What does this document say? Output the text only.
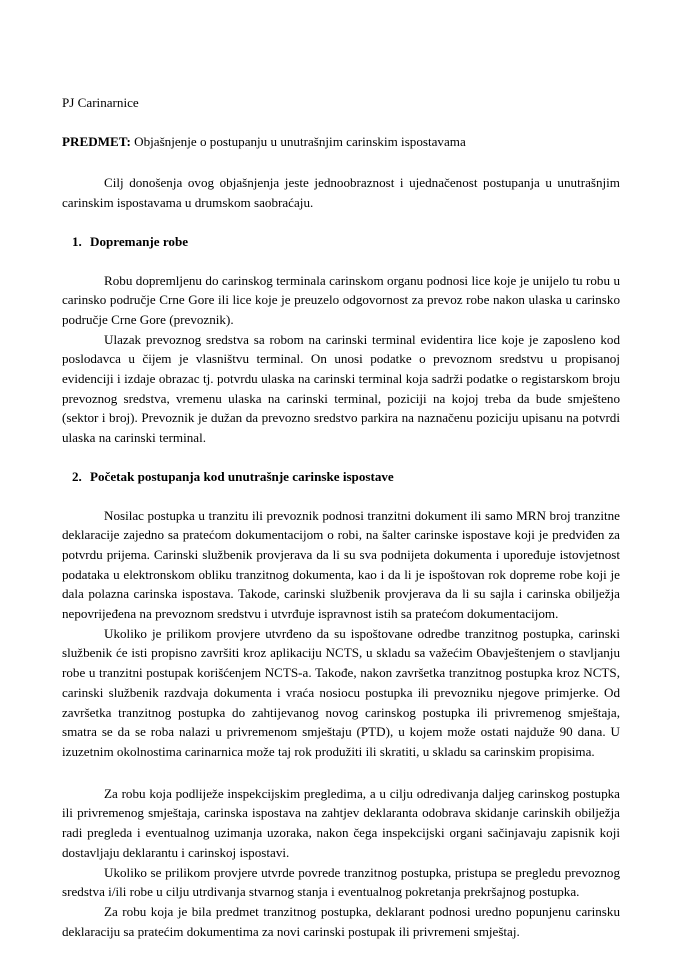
PJ Carinarnice
PREDMET: Objašnjenje o postupanju u unutrašnjim carinskim ispostavama

Cilj donošenja ovog objašnjenja jeste jednoobraznost i ujednačenost postupanja u unutrašnjim carinskim ispostavama u drumskom saobraćaju.

1. Dopremanje robe

Robu dopremljenu do carinskog terminala carinskom organu podnosi lice koje je unijelo tu robu u carinsko područje Crne Gore ili lice koje je preuzelo odgovornost za prevoz robe nakon ulaska u carinsko područje Crne Gore (prevoznik).

Ulazak prevoznog sredstva sa robom na carinski terminal evidentira lice koje je zaposleno kod poslodavca u čijem je vlasništvu terminal. On unosi podatke o prevoznom sredstvu u propisanoj evidenciji i izdaje obrazac tj. potvrdu ulaska na carinski terminal koja sadrži podatke o registarskom broju prevoznog sredstva, vremenu ulaska na carinski terminal, poziciji na kojoj treba da bude smješteno (sektor i broj). Prevoznik je dužan da prevozno sredstvo parkira na naznačenu poziciju upisanu na potvrdi ulaska na carinski terminal.

2. Početak postupanja kod unutrašnje carinske ispostave

Nosilac postupka u tranzitu ili prevoznik podnosi tranzitni dokument ili samo MRN broj tranzitne deklaracije zajedno sa pratećom dokumentacijom o robi, na šalter carinske ispostave koji je predviđen za potvrdu prijema. Carinski službenik provjerava da li su sva podnijeta dokumenta i upoređuje istovjetnost podataka u elektronskom obliku tranzitnog dokumenta, kao i da li je ispoštovan rok dopreme robe koji je dala polazna carinska ispostava. Takode, carinski službenik provjerava da li su sajla i carinska obilježja nepovrijeđena na prevoznom sredstvu i utvrđuje ispravnost istih sa pratećom dokumentacijom.

Ukoliko je prilikom provjere utvrđeno da su ispoštovane odredbe tranzitnog postupka, carinski službenik će isti propisno završiti kroz aplikaciju NCTS, u skladu sa važećim Obavještenjem o stavljanju robe u tranzitni postupak korišćenjem NCTS-a. Takođe, nakon završetka tranzitnog postupka kroz NCTS, carinski službenik razdvaja dokumenta i vraća nosiocu postupka ili prevozniku njegove primjerke. Od završetka tranzitnog postupka do zahtijevanog novog carinskog postupka ili privremenog smještaja, smatra se da se roba nalazi u privremenom smještaju (PTD), u kojem može ostati najduže 90 dana. U izuzetnim okolnostima carinarnica može taj rok produžiti ili skratiti, u skladu sa carinskim propisima.

Za robu koja podliježe inspekcijskim pregledima, a u cilju odredivanja daljeg carinskog postupka ili privremenog smještaja, carinska ispostava na zahtjev deklaranta odobrava skidanje carinskih obilježja radi pregleda i eventualnog uzimanja uzoraka, nakon čega inspekcijski organi sačinjavaju zapisnik koji dostavljaju deklarantu i carinskoj ispostavi.

Ukoliko se prilikom provjere utvrde povrede tranzitnog postupka, pristupa se pregledu prevoznog sredstva i/ili robe u cilju utrdivanja stvarnog stanja i eventualnog pokretanja prekršajnog postupka.

Za robu koja je bila predmet tranzitnog postupka, deklarant podnosi uredno popunjenu carinsku deklaraciju sa pratećim dokumentima za novi carinski postupak ili privremeni smještaj.
